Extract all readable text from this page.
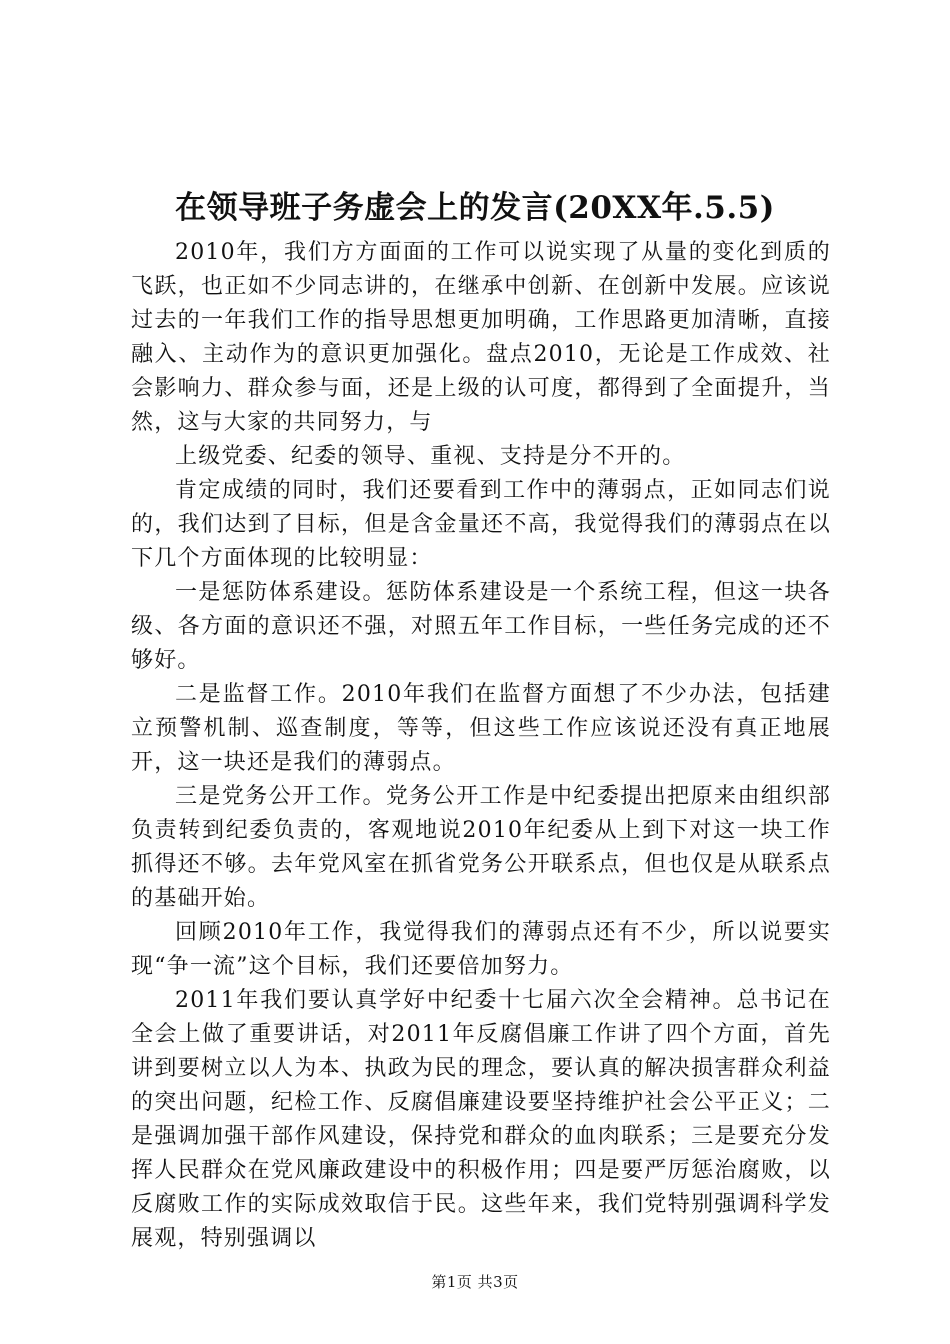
在领导班子务虚会上的发言(20XX年.5.5)

2010年，我们方方面面的工作可以说实现了从量的变化到质的飞跃，也正如不少同志讲的，在继承中创新、在创新中发展。应该说过去的一年我们工作的指导思想更加明确，工作思路更加清晰，直接融入、主动作为的意识更加强化。盘点2010，无论是工作成效、社会影响力、群众参与面，还是上级的认可度，都得到了全面提升，当然，这与大家的共同努力，与

上级党委、纪委的领导、重视、支持是分不开的。

肯定成绩的同时，我们还要看到工作中的薄弱点，正如同志们说的，我们达到了目标，但是含金量还不高，我觉得我们的薄弱点在以下几个方面体现的比较明显：

一是惩防体系建设。惩防体系建设是一个系统工程，但这一块各级、各方面的意识还不强，对照五年工作目标，一些任务完成的还不够好。

二是监督工作。2010年我们在监督方面想了不少办法，包括建立预警机制、巡查制度，等等，但这些工作应该说还没有真正地展开，这一块还是我们的薄弱点。

三是党务公开工作。党务公开工作是中纪委提出把原来由组织部负责转到纪委负责的，客观地说2010年纪委从上到下对这一块工作抓得还不够。去年党风室在抓省党务公开联系点，但也仅是从联系点的基础开始。

回顾2010年工作，我觉得我们的薄弱点还有不少，所以说要实现“争一流”这个目标，我们还要倍加努力。

2011年我们要认真学好中纪委十七届六次全会精神。总书记在全会上做了重要讲话，对2011年反腐倡廉工作讲了四个方面，首先讲到要树立以人为本、执政为民的理念，要认真的解决损害群众利益的突出问题，纪检工作、反腐倡廉建设要坚持维护社会公平正义；二是强调加强干部作风建设，保持党和群众的血肉联系；三是要充分发挥人民群众在党风廉政建设中的积极作用；四是要严厉惩治腐败，以反腐败工作的实际成效取信于民。这些年来，我们党特别强调科学发展观，特别强调以

第1页 共3页
